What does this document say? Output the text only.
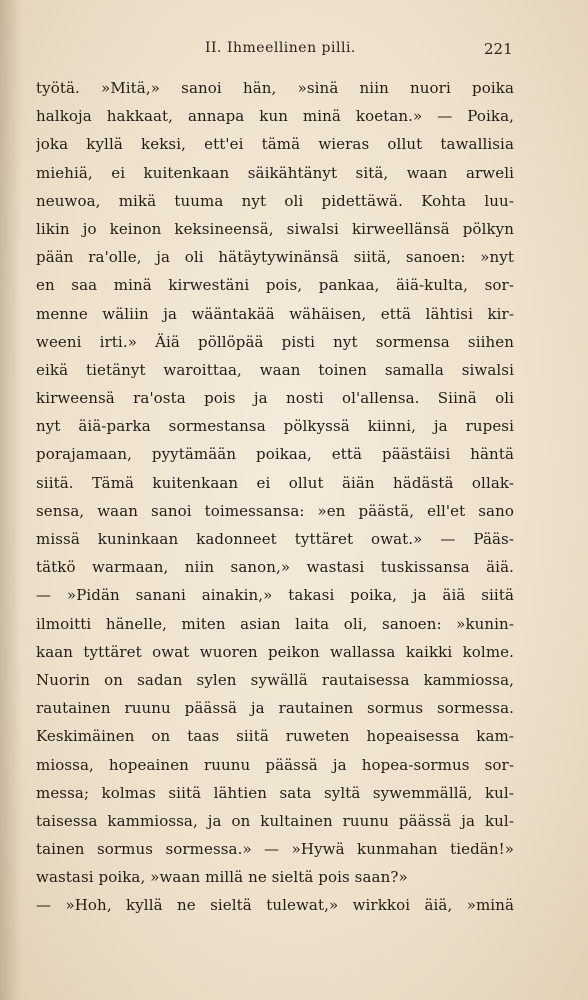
II. Ihmeellinen pilli.	221
työtä. »Mitä,» sanoi hän, »sinä niin nuori poika
halkoja hakkaat, annapa kun minä koetan.» — Poika,
joka kyllä keksi, ett'ei tämä wieras ollut tawallisia
miehiä, ei kuitenkaan säikähtänyt sitä, waan arweli
neuwoa, mikä tuuma nyt oli pidettäwä. Kohta luu-
likin jo keinon keksineensä, siwalsi kirweellänsä pölkyn
pään ra'olle, ja oli hätäytywinänsä siitä, sanoen: »nyt
en saa minä kirwestäni pois, pankaa, äiä-kulta, sor-
menne wäliin ja wääntakää wähäisen, että lähtisi kir-
weeni irti.» Äiä pöllöpää pisti nyt sormensa siihen
eikä tietänyt waroittaa, waan toinen samalla siwalsi
kirweensä ra'osta pois ja nosti ol'allensa. Siinä oli
nyt äiä-parka sormestansa pölkyssä kiinni, ja rupesi
porajamaan, pyytämään poikaa, että päästäisi häntä
siitä. Tämä kuitenkaan ei ollut äiän hädästä ollak-
sensa, waan sanoi toimessansa: »en päästä, ell'et sano
missä kuninkaan kadonneet tyttäret owat.» — Pääs-
tätkö warmaan, niin sanon,» wastasi tuskissansa äiä.
— »Pidän sanani ainakin,» takasi poika, ja äiä siitä
ilmoitti hänelle, miten asian laita oli, sanoen: »kunin-
kaan tyttäret owat wuoren peikon wallassa kaikki kolme.
Nuorin on sadan sylen sywällä rautaisessa kammiossa,
rautainen ruunu päässä ja rautainen sormus sormessa.
Keskimäinen on taas siitä ruweten hopeaisessa kam-
miossa, hopeainen ruunu päässä ja hopea-sormus sor-
messa; kolmas siitä lähtien sata syltä sywemmällä, kul-
taisessa kammiossa, ja on kultainen ruunu päässä ja kul-
tainen sormus sormessa.» — »Hywä kunmahan tiedän!»
wastasi poika, »waan millä ne sieltä pois saan?»
— »Hoh, kyllä ne sieltä tulewat,» wirkkoi äiä, »minä
